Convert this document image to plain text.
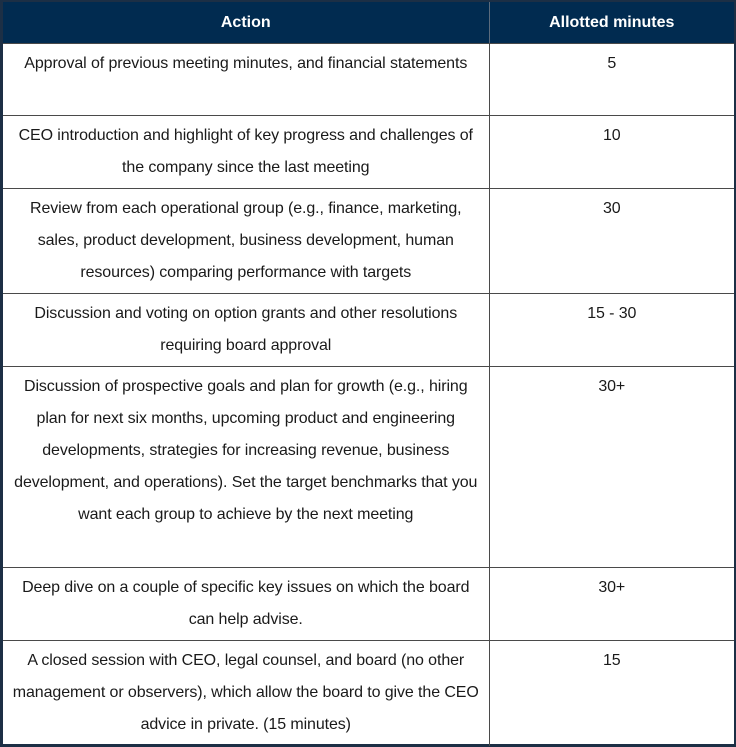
Action	Allotted minutes
Approval of previous meeting minutes, and financial statements	5
CEO introduction and highlight of key progress and challenges of the company since the last meeting	10
Review from each operational group (e.g., finance, marketing, sales, product development, business development, human resources) comparing performance with targets	30
Discussion and voting on option grants and other resolutions requiring board approval	15 - 30
Discussion of prospective goals and plan for growth (e.g., hiring plan for next six months, upcoming product and engineering developments, strategies for increasing revenue, business development, and operations). Set the target benchmarks that you want each group to achieve by the next meeting	30+
Deep dive on a couple of specific key issues on which the board can help advise.	30+
A closed session with CEO, legal counsel, and board (no other management or observers), which allow the board to give the CEO advice in private. (15 minutes)	15
